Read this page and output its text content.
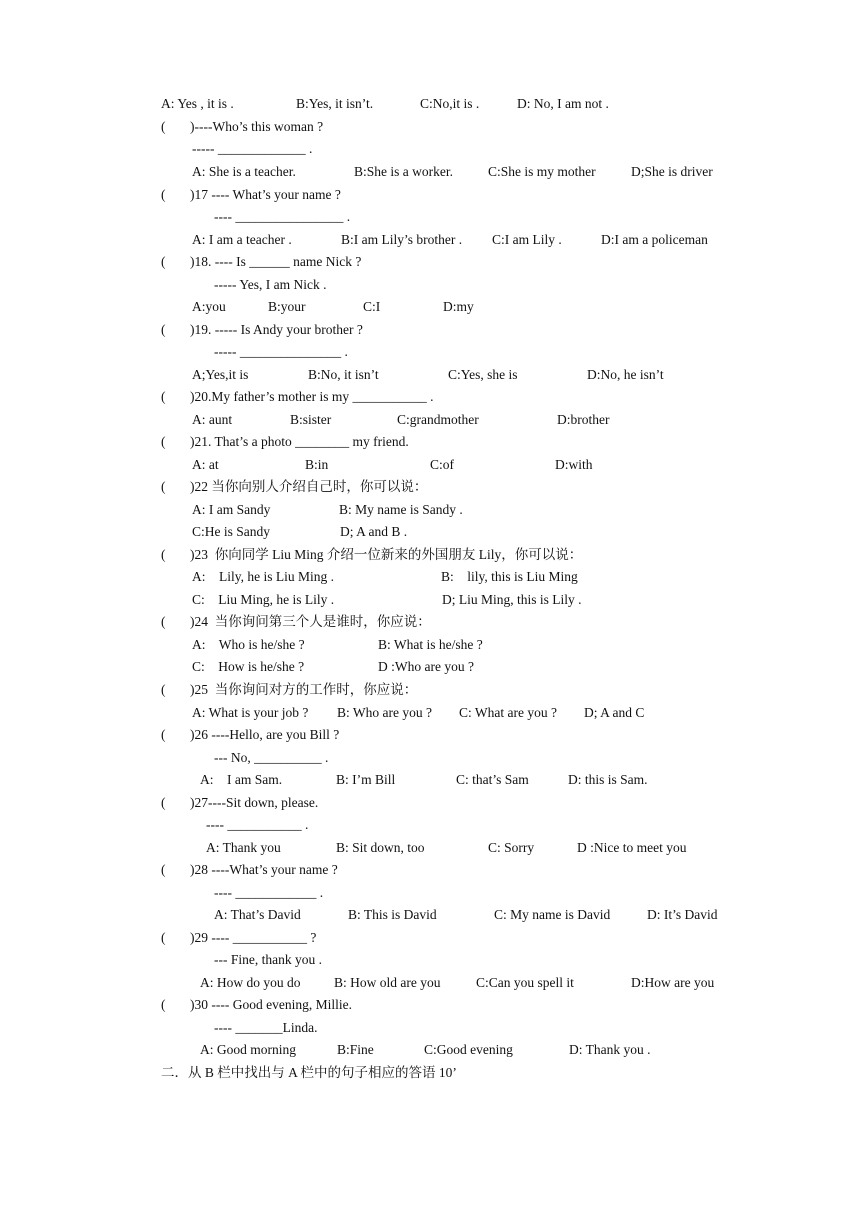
A: Yes , it is .	B:Yes, it isn’t.	C:No,it is .	D: No, I am not .
( )----Who’s this woman ?
----- _____________ .
A: She is a teacher.	B:She is a worker.	C:She is my mother	D;She is driver
( )17 ---- What’s your name ?
---- ________________ .
A: I am a teacher .	B:I am Lily’s brother . C:I am Lily .	D:I am a policeman
( )18. ---- Is ______ name Nick ?
----- Yes, I am Nick .
A:you	B:your	C:I	D:my
( )19. ----- Is Andy your brother ?
----- _______________ .
A;Yes,it is	B:No, it isn’t	C:Yes, she is	D:No, he isn’t
( )20.My father’s mother is my ___________ .
A: aunt	B:sister	C:grandmother	D:brother
( )21. That’s a photo ________ my friend.
A: at	B:in	C:of	D:with
( )22 当你向别人介绍自己时，你可以说：
A: I am Sandy	B: My name is Sandy .
C:He is Sandy	D; A and B .
( )23  你向同学 Liu Ming 介绍一位新来的外国朋友 Lily，你可以说：
A:    Lily, he is Liu Ming .	B:    lily, this is Liu Ming
C:    Liu Ming, he is Lily .	D; Liu Ming, this is Lily .
( )24  当你询问第三个人是谁时，你应说：
A:    Who is he/she ?	B: What is he/she ?
C:    How is he/she ?	D :Who are you ?
( )25  当你询问对方的工作时，你应说：
A: What is your job ? B: Who are you ? C: What are you ? D; A and C
( )26 ----Hello, are you Bill ?
--- No, __________ .
A:    I am Sam.	B: I’m Bill	C: that’s Sam	D: this is Sam.
( )27----Sit down, please.
---- ___________ .
A: Thank you	B: Sit down, too	C: Sorry	D :Nice to meet you
( )28 ----What’s your name ?
---- ____________ .
A: That’s David	B: This is David	C: My name is David	D: It’s David
( )29 ---- ___________ ?
--- Fine, thank you .
A: How do you do B: How old are you	C:Can you spell it	D:How are you
( )30 ---- Good evening, Millie.
---- _______Linda.
A: Good morning	B:Fine	C:Good evening	D: Thank you .
二．从 B 栏中找出与 A 栏中的句子相应的答语 10’
